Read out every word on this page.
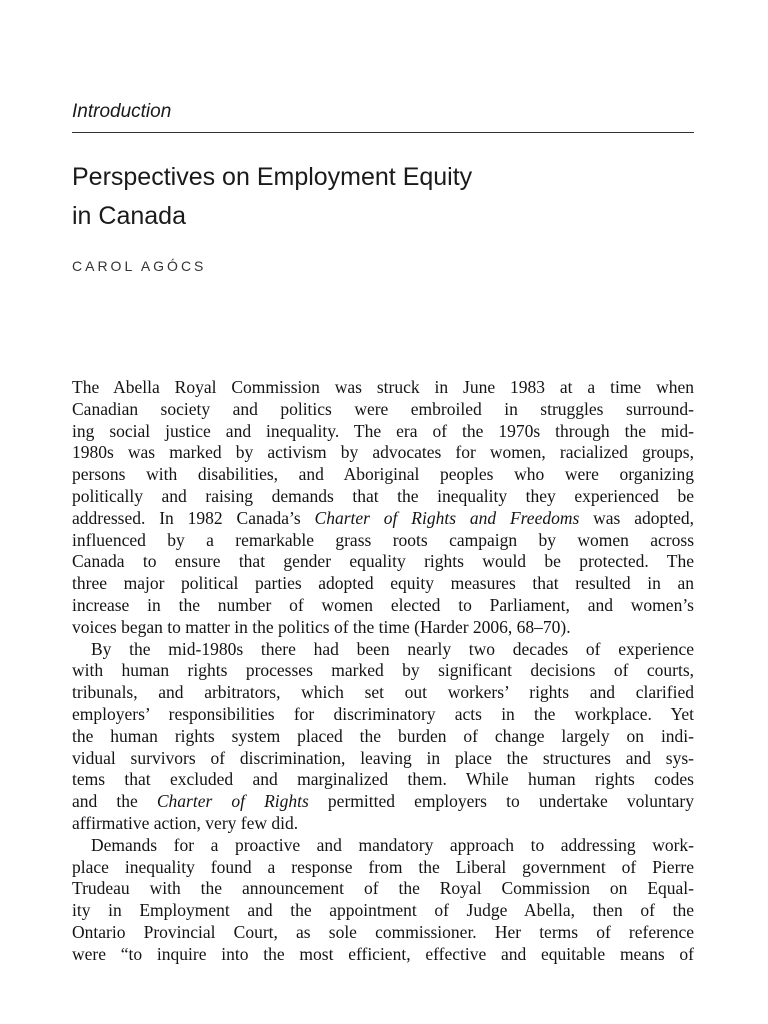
Introduction
Perspectives on Employment Equity
in Canada
CAROL AGÓCS
The Abella Royal Commission was struck in June 1983 at a time when
Canadian society and politics were embroiled in struggles surround-
ing social justice and inequality. The era of the 1970s through the mid-
1980s was marked by activism by advocates for women, racialized groups,
persons with disabilities, and Aboriginal peoples who were organizing
politically and raising demands that the inequality they experienced be
addressed. In 1982 Canada’s Charter of Rights and Freedoms was adopted,
influenced by a remarkable grass roots campaign by women across
Canada to ensure that gender equality rights would be protected. The
three major political parties adopted equity measures that resulted in an
increase in the number of women elected to Parliament, and women’s
voices began to matter in the politics of the time (Harder 2006, 68–70).
By the mid-1980s there had been nearly two decades of experience
with human rights processes marked by significant decisions of courts,
tribunals, and arbitrators, which set out workers’ rights and clarified
employers’ responsibilities for discriminatory acts in the workplace. Yet
the human rights system placed the burden of change largely on indi-
vidual survivors of discrimination, leaving in place the structures and sys-
tems that excluded and marginalized them. While human rights codes
and the Charter of Rights permitted employers to undertake voluntary
affirmative action, very few did.
Demands for a proactive and mandatory approach to addressing work-
place inequality found a response from the Liberal government of Pierre
Trudeau with the announcement of the Royal Commission on Equal-
ity in Employment and the appointment of Judge Abella, then of the
Ontario Provincial Court, as sole commissioner. Her terms of reference
were “to inquire into the most efficient, effective and equitable means of
